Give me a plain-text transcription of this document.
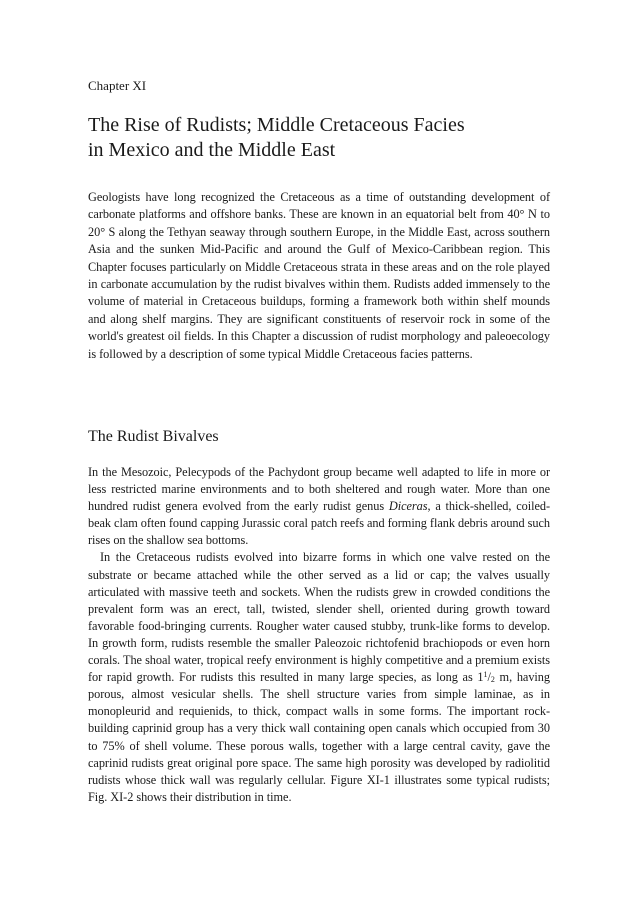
Chapter XI
The Rise of Rudists; Middle Cretaceous Facies
in Mexico and the Middle East

Geologists have long recognized the Cretaceous as a time of outstanding development of carbonate platforms and offshore banks. These are known in an equatorial belt from 40° N to 20° S along the Tethyan seaway through southern Europe, in the Middle East, across southern Asia and the sunken Mid-Pacific and around the Gulf of Mexico-Caribbean region. This Chapter focuses particularly on Middle Cretaceous strata in these areas and on the role played in carbonate accumulation by the rudist bivalves within them. Rudists added immensely to the volume of material in Cretaceous buildups, forming a framework both within shelf mounds and along shelf margins. They are significant constituents of reservoir rock in some of the world's greatest oil fields. In this Chapter a discussion of rudist morphology and paleoecology is followed by a description of some typical Middle Cretaceous facies patterns.

The Rudist Bivalves

In the Mesozoic, Pelecypods of the Pachydont group became well adapted to life in more or less restricted marine environments and to both sheltered and rough water. More than one hundred rudist genera evolved from the early rudist genus Diceras, a thick-shelled, coiled-beak clam often found capping Jurassic coral patch reefs and forming flank debris around such rises on the shallow sea bottoms.

In the Cretaceous rudists evolved into bizarre forms in which one valve rested on the substrate or became attached while the other served as a lid or cap; the valves usually articulated with massive teeth and sockets. When the rudists grew in crowded conditions the prevalent form was an erect, tall, twisted, slender shell, oriented during growth toward favorable food-bringing currents. Rougher water caused stubby, trunk-like forms to develop. In growth form, rudists resemble the smaller Paleozoic richtofenid brachiopods or even horn corals. The shoal water, tropical reefy environment is highly competitive and a premium exists for rapid growth. For rudists this resulted in many large species, as long as $1^1/_2$ m, having porous, almost vesicular shells. The shell structure varies from simple laminae, as in monopleurid and requienids, to thick, compact walls in some forms. The important rock-building caprinid group has a very thick wall containing open canals which occupied from 30 to 75% of shell volume. These porous walls, together with a large central cavity, gave the caprinid rudists great original pore space. The same high porosity was developed by radiolitid rudists whose thick wall was regularly cellular. Figure XI-1 illustrates some typical rudists; Fig. XI-2 shows their distribution in time.
